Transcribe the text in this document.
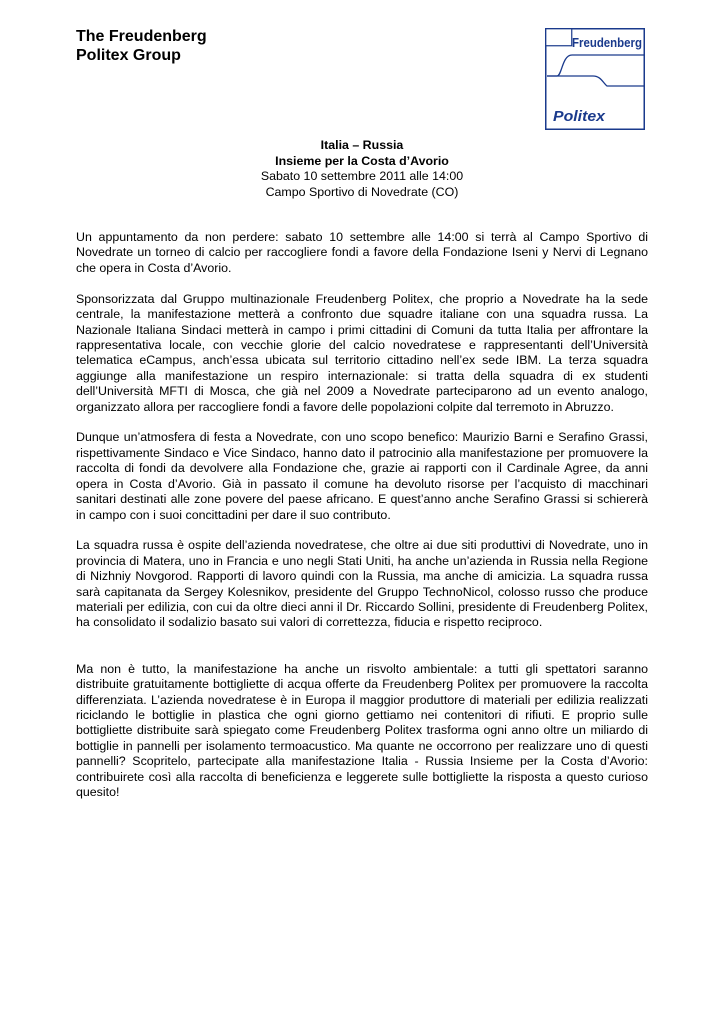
The Freudenberg
Politex Group
Freudenberg
Politex
Italia – Russia
Insieme per la Costa d’Avorio
Sabato 10 settembre 2011 alle 14:00
Campo Sportivo di Novedrate (CO)

Un appuntamento da non perdere: sabato 10 settembre alle 14:00 si terrà al Campo Sportivo di Novedrate un torneo di calcio per raccogliere fondi a favore della Fondazione Iseni y Nervi di Legnano che opera in Costa d’Avorio.

Sponsorizzata dal Gruppo multinazionale Freudenberg Politex, che proprio a Novedrate ha la sede centrale, la manifestazione metterà a confronto due squadre italiane con una squadra russa. La Nazionale Italiana Sindaci metterà in campo i primi cittadini di Comuni da tutta Italia per affrontare la rappresentativa locale, con vecchie glorie del calcio novedratese e rappresentanti dell’Università telematica eCampus, anch’essa ubicata sul territorio cittadino nell’ex sede IBM. La terza squadra aggiunge alla manifestazione un respiro internazionale: si tratta della squadra di ex studenti dell’Università MFTI di Mosca, che già nel 2009 a Novedrate parteciparono ad un evento analogo, organizzato allora per raccogliere fondi a favore delle popolazioni colpite dal terremoto in Abruzzo.

Dunque un’atmosfera di festa a Novedrate, con uno scopo benefico: Maurizio Barni e Serafino Grassi, rispettivamente Sindaco e Vice Sindaco, hanno dato il patrocinio alla manifestazione per promuovere la raccolta di fondi da devolvere alla Fondazione che, grazie ai rapporti con il Cardinale Agree, da anni opera in Costa d’Avorio. Già in passato il comune ha devoluto risorse per l’acquisto di macchinari sanitari destinati alle zone povere del paese africano. E quest’anno anche Serafino Grassi si schiererà in campo con i suoi concittadini per dare il suo contributo.

La squadra russa è ospite dell’azienda novedratese, che oltre ai due siti produttivi di Novedrate, uno in provincia di Matera, uno in Francia e uno negli Stati Uniti, ha anche un’azienda in Russia nella Regione di Nizhniy Novgorod. Rapporti di lavoro quindi con la Russia, ma anche di amicizia. La squadra russa sarà capitanata da Sergey Kolesnikov, presidente del Gruppo TechnoNicol, colosso russo che produce materiali per edilizia, con cui da oltre dieci anni il Dr. Riccardo Sollini, presidente di Freudenberg Politex, ha consolidato il sodalizio basato sui valori di correttezza, fiducia e rispetto reciproco.

Ma non è tutto, la manifestazione ha anche un risvolto ambientale: a tutti gli spettatori saranno distribuite gratuitamente bottigliette di acqua offerte da Freudenberg Politex per promuovere la raccolta differenziata. L’azienda novedratese è in Europa il maggior produttore di materiali per edilizia realizzati riciclando le bottiglie in plastica che ogni giorno gettiamo nei contenitori di rifiuti. E proprio sulle bottigliette distribuite sarà spiegato come Freudenberg Politex trasforma ogni anno oltre un miliardo di bottiglie in pannelli per isolamento termoacustico. Ma quante ne occorrono per realizzare uno di questi pannelli? Scopritelo, partecipate alla manifestazione Italia - Russia Insieme per la Costa d’Avorio: contribuirete così alla raccolta di beneficienza e leggerete sulle bottigliette la risposta a questo curioso quesito!
